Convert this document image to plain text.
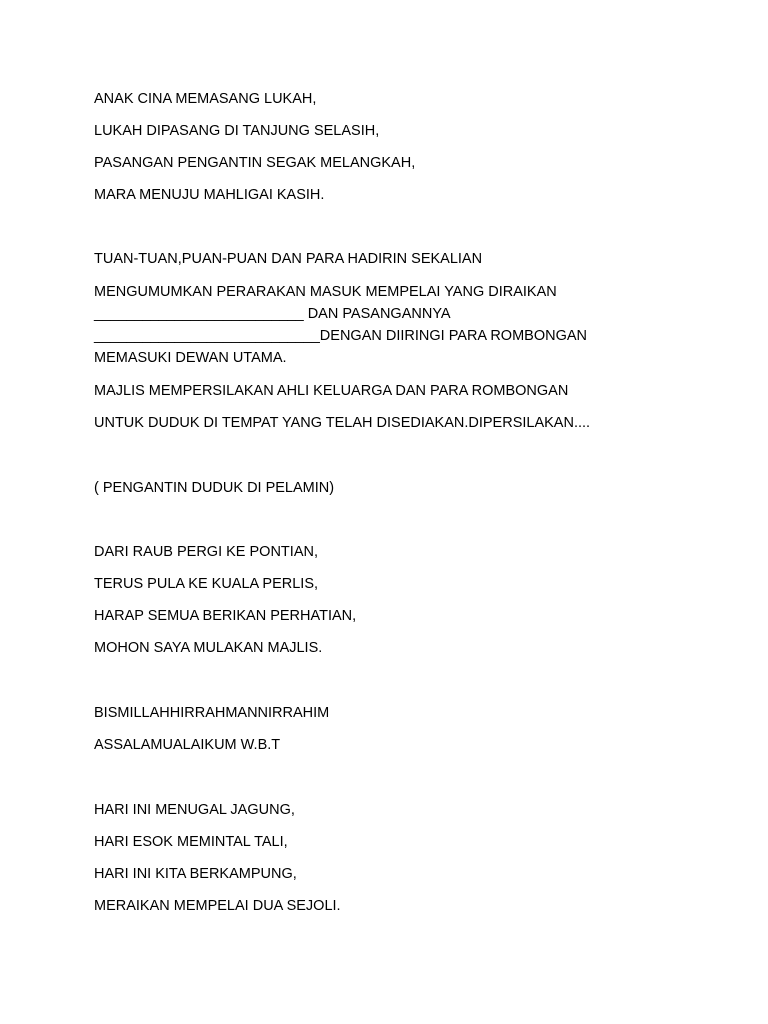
ANAK CINA MEMASANG LUKAH,

LUKAH DIPASANG DI TANJUNG SELASIH,

PASANGAN PENGANTIN SEGAK MELANGKAH,

MARA MENUJU MAHLIGAI KASIH.

TUAN-TUAN,PUAN-PUAN DAN PARA HADIRIN SEKALIAN

MENGUMUMKAN PERARAKAN MASUK MEMPELAI YANG DIRAIKAN

__________________________ DAN PASANGANNYA

____________________________DENGAN DIIRINGI PARA ROMBONGAN

MEMASUKI DEWAN UTAMA.

MAJLIS MEMPERSILAKAN AHLI KELUARGA DAN PARA ROMBONGAN

UNTUK DUDUK DI TEMPAT YANG TELAH DISEDIAKAN.DIPERSILAKAN....

( PENGANTIN DUDUK DI PELAMIN)

DARI RAUB PERGI KE PONTIAN,

TERUS PULA KE KUALA PERLIS,

HARAP SEMUA BERIKAN PERHATIAN,

MOHON SAYA MULAKAN MAJLIS.

BISMILLAHHIRRAHMANNIRRAHIM

ASSALAMUALAIKUM W.B.T

HARI INI MENUGAL JAGUNG,

HARI ESOK MEMINTAL TALI,

HARI INI KITA BERKAMPUNG,

MERAIKAN MEMPELAI DUA SEJOLI.
